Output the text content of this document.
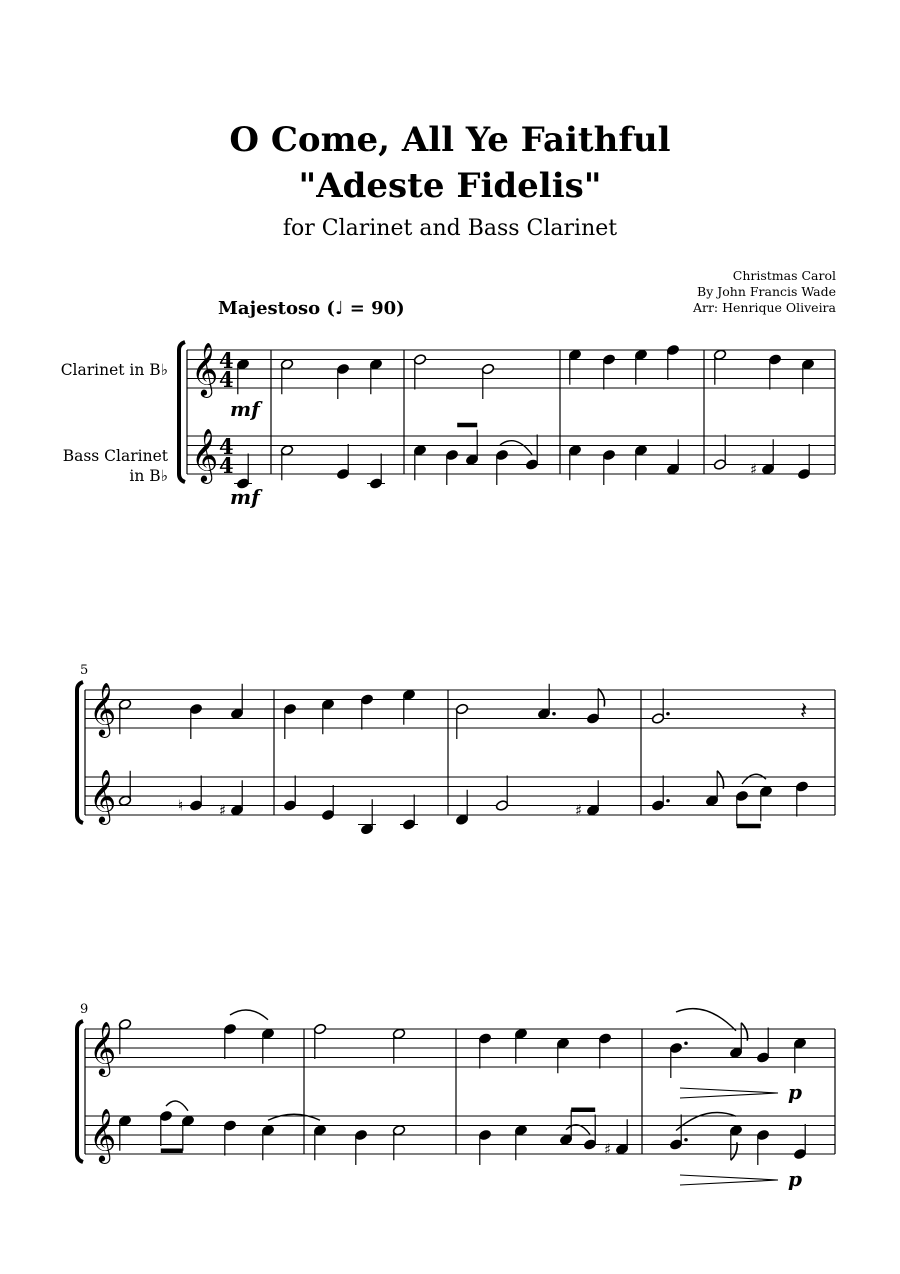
O Come, All Ye Faithful
"Adeste Fidelis"
for Clarinet and Bass Clarinet
Christmas Carol
By John Francis Wade
Arr: Henrique Oliveira
Majestoso (♩ = 90)
Clarinet in B♭
Bass Clarinet
in B♭
𝄞
𝄞
4
4
4
4
mf
♯
mf
𝄞
𝄞
5
𝄽
♮ ♯	♯
𝄞
𝄞
9
p
♯
p
